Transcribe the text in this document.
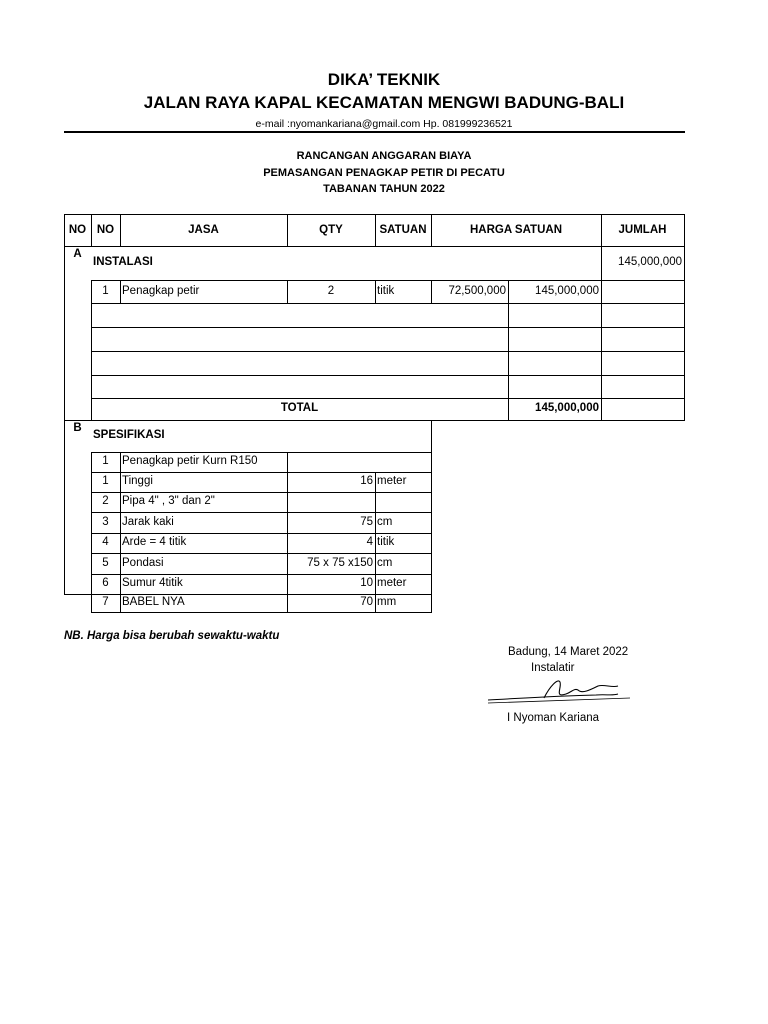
DIKA’ TEKNIK
JALAN RAYA KAPAL KECAMATAN MENGWI BADUNG-BALI
e-mail :nyomankariana@gmail.com Hp. 081999236521
RANCANGAN ANGGARAN BIAYA
PEMASANGAN PENAGKAP PETIR DI PECATU
TABANAN TAHUN 2022
NO NO	JASA	QTY	SATUAN	HARGA SATUAN	JUMLAH
A
INSTALASI	145,000,000
1	Penagkap petir	2	titik	72,500,000	145,000,000
TOTAL	145,000,000
B
SPESIFIKASI
1	Penagkap petir Kurn R150
1	Tinggi	16 meter
2	Pipa 4" , 3" dan 2"
3	Jarak kaki	75 cm
4	Arde = 4 titik	4 titik
5	Pondasi	75 x 75 x150 cm
6	Sumur 4titik	10 meter
7	BABEL NYA	70 mm
NB. Harga bisa berubah sewaktu-waktu
Badung, 14 Maret 2022
Instalatir
I Nyoman Kariana
